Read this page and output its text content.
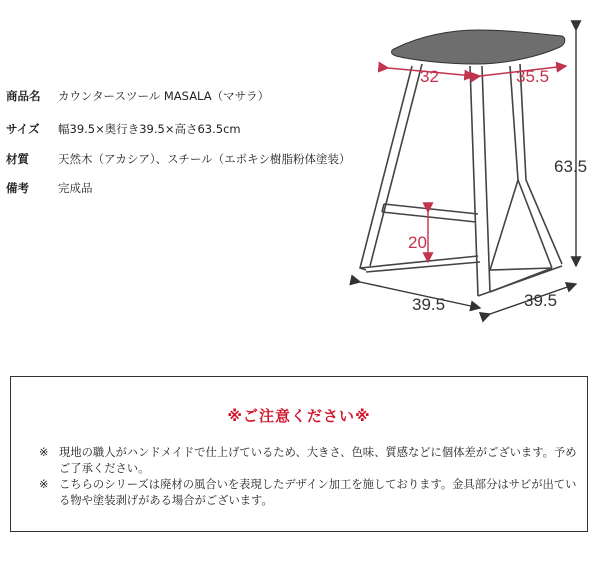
商品名	カウンタースツール MASALA（マサラ）
サイズ	幅39.5×奥行き39.5×高さ63.5cm
材質	天然木（アカシア）、スチール（エポキシ樹脂粉体塗装）
備考	完成品
32	35.5
63.5
20
39.5	39.5
※ご注意ください※
※ 現地の職人がハンドメイドで仕上げているため、大きさ、色味、質感などに個体差がございます。予めご了承ください。
※ こちらのシリーズは廃材の風合いを表現したデザイン加工を施しております。金具部分はサビが出ている物や塗装剥げがある場合がございます。
